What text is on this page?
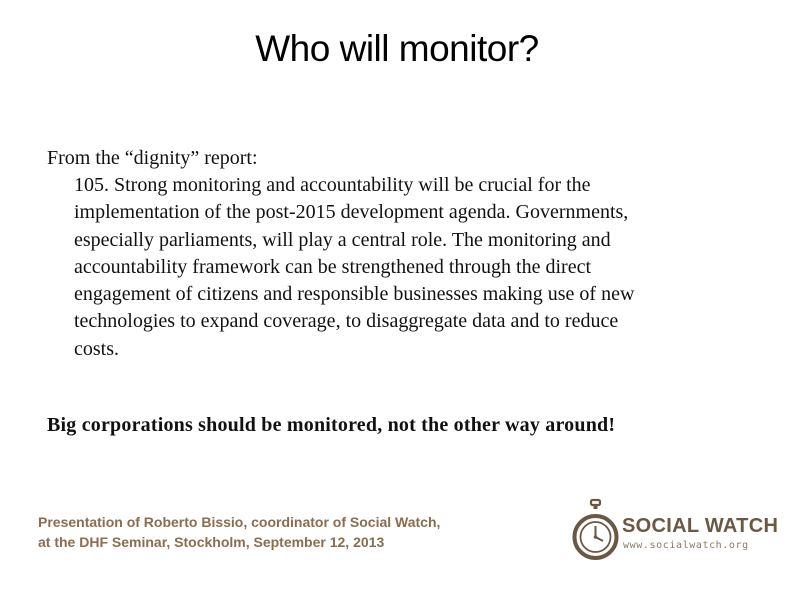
Who will monitor?
From the “dignity” report:
105. Strong monitoring and accountability will be crucial for the
implementation of the post-2015 development agenda. Governments,
especially parliaments, will play a central role. The monitoring and
accountability framework can be strengthened through the direct
engagement of citizens and responsible businesses making use of new
technologies to expand coverage, to disaggregate data and to reduce
costs.
Big corporations should be monitored, not the other way around!
Presentation of Roberto Bissio, coordinator of Social Watch,
at the DHF Seminar, Stockholm, September 12, 2013
SOCIAL WATCH
www.socialwatch.org
